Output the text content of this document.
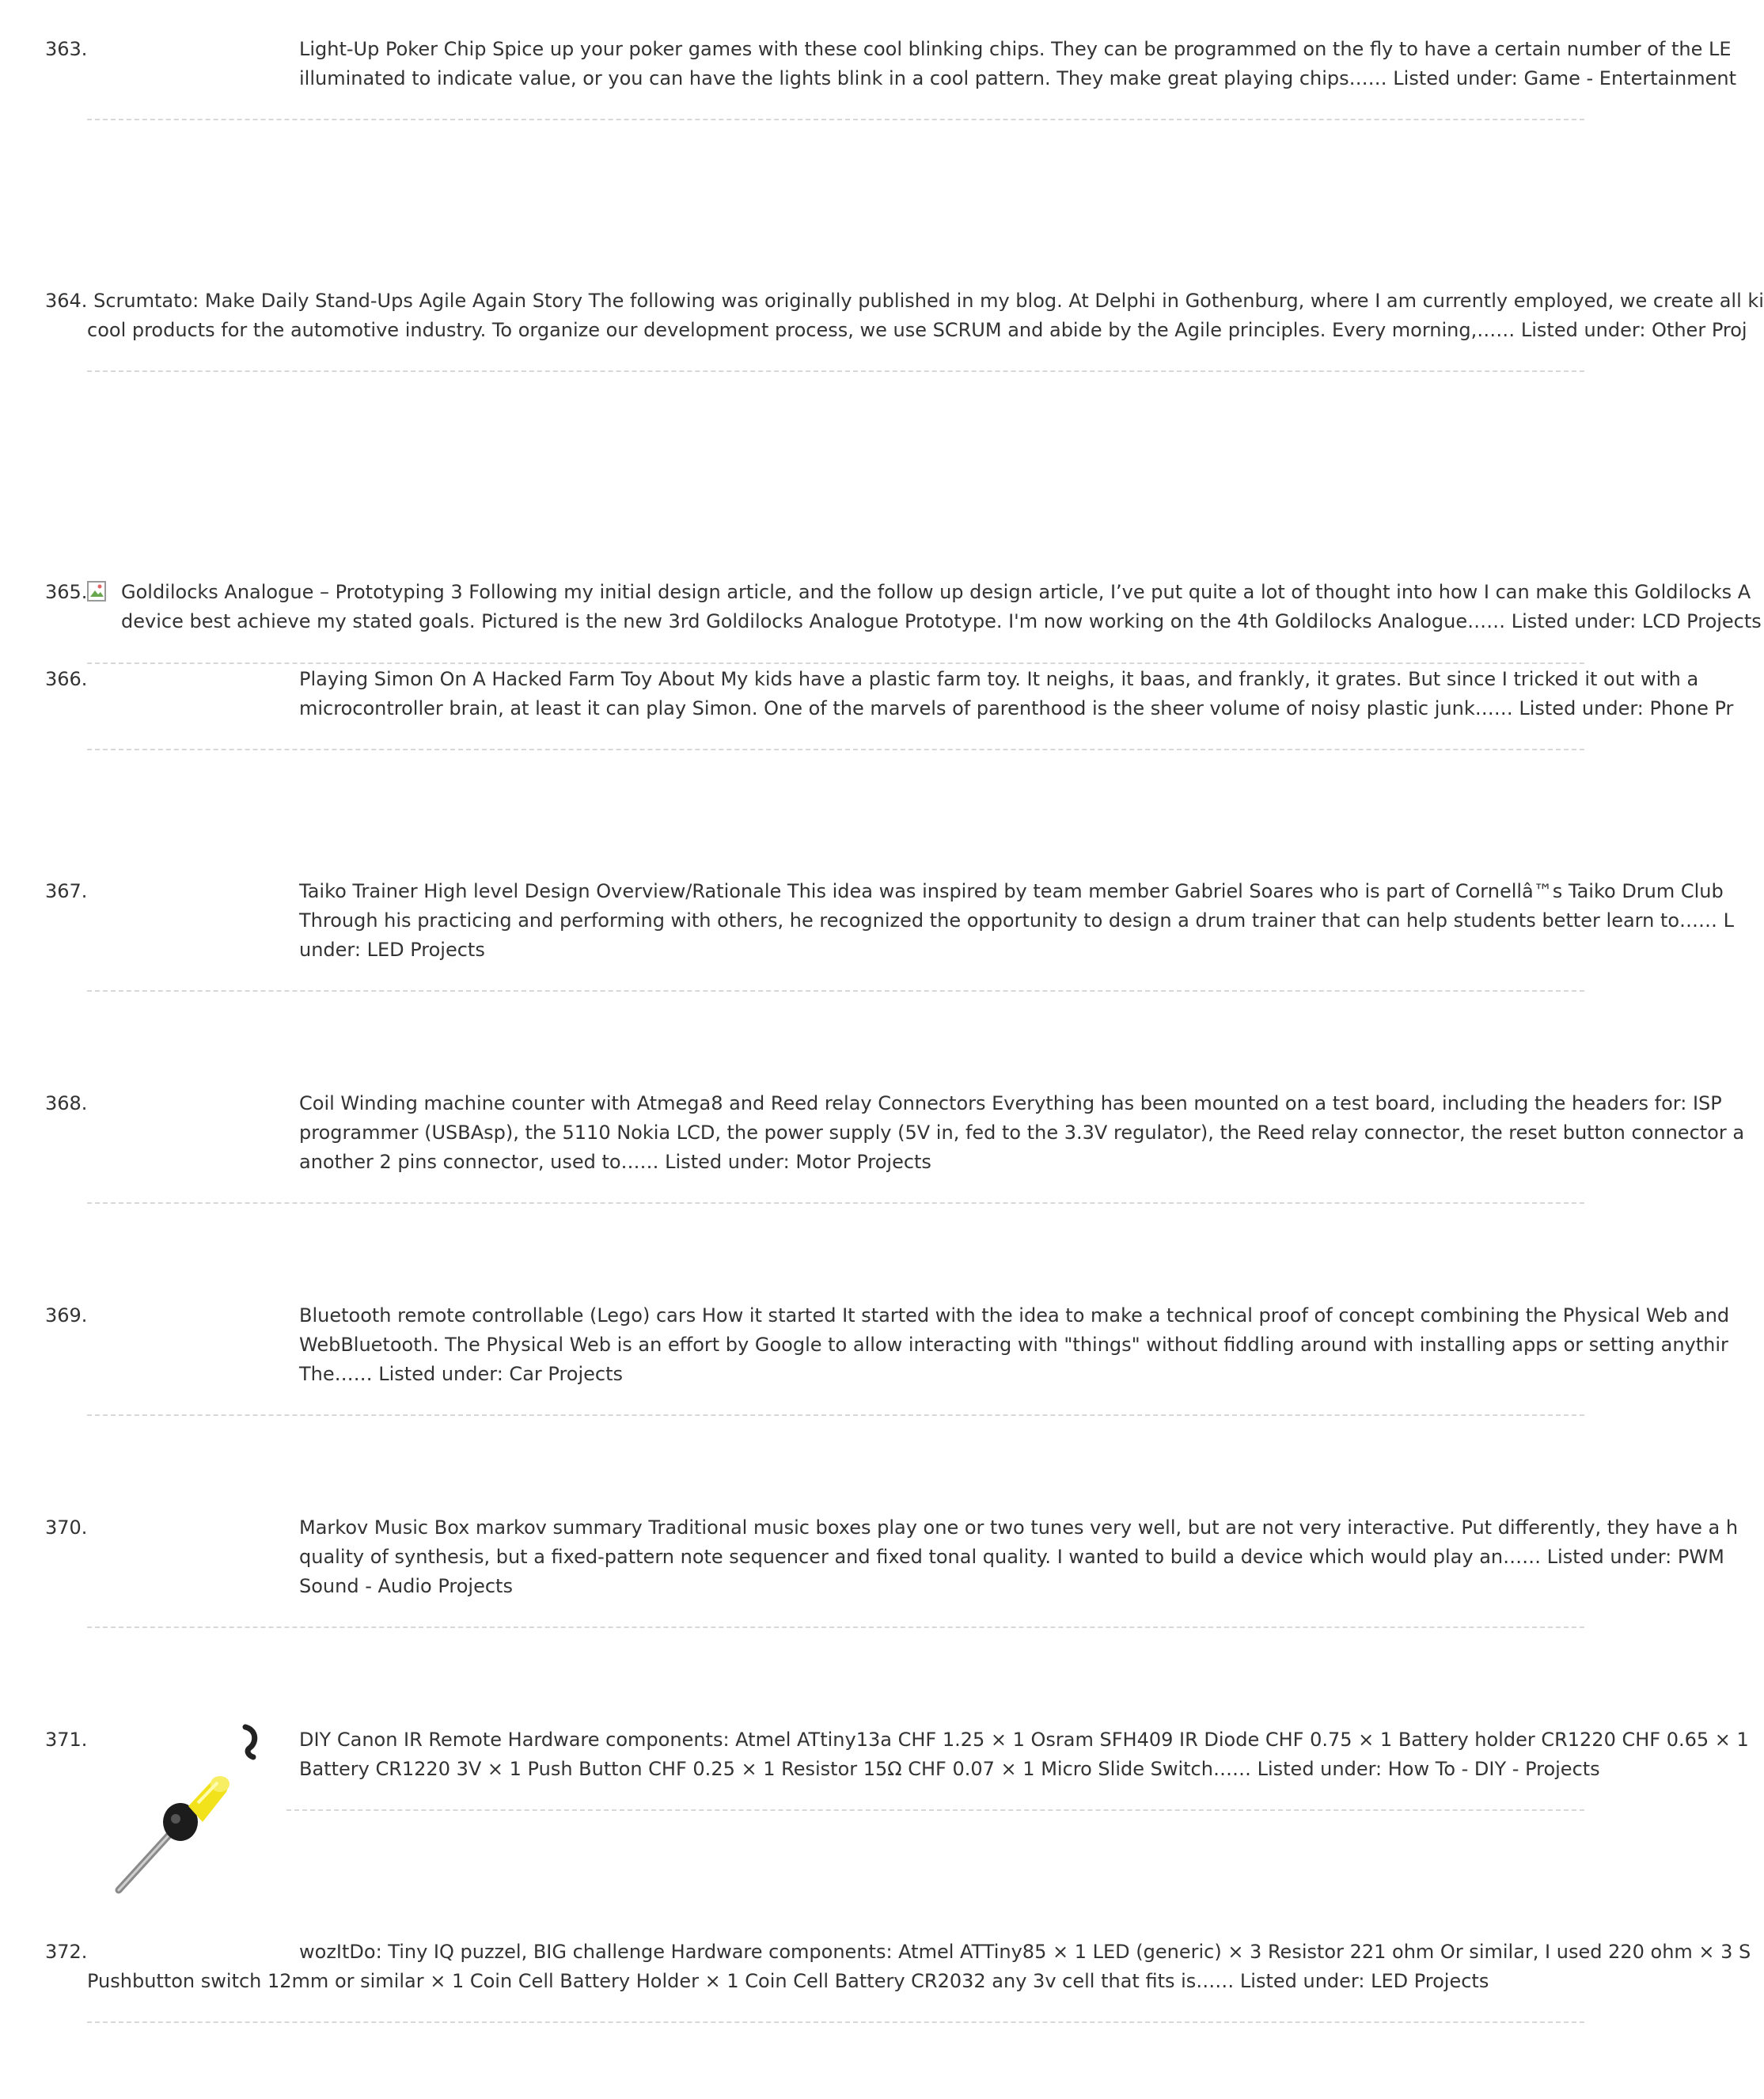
363.	Light-Up Poker Chip Spice up your poker games with these cool blinking chips. They can be programmed on the fly to have a certain number of the LE
illuminated to indicate value, or you can have the lights blink in a cool pattern. They make great playing chips…… Listed under: Game - Entertainment
364. Scrumtato: Make Daily Stand-Ups Agile Again Story The following was originally published in my blog. At Delphi in Gothenburg, where I am currently employed, we create all ki
cool products for the automotive industry. To organize our development process, we use SCRUM and abide by the Agile principles. Every morning,…… Listed under: Other Proj
365. Goldilocks Analogue – Prototyping 3 Following my initial design article, and the follow up design article, I’ve put quite a lot of thought into how I can make this Goldilocks A
device best achieve my stated goals. Pictured is the new 3rd Goldilocks Analogue Prototype. I'm now working on the 4th Goldilocks Analogue…… Listed under: LCD Projects
366.	Playing Simon On A Hacked Farm Toy About My kids have a plastic farm toy. It neighs, it baas, and frankly, it grates. But since I tricked it out with a
microcontroller brain, at least it can play Simon. One of the marvels of parenthood is the sheer volume of noisy plastic junk…… Listed under: Phone Pr
367.	Taiko Trainer High level Design Overview/Rationale This idea was inspired by team member Gabriel Soares who is part of Cornellâ™s Taiko Drum Club
Through his practicing and performing with others, he recognized the opportunity to design a drum trainer that can help students better learn to…… L
under: LED Projects
368.	Coil Winding machine counter with Atmega8 and Reed relay Connectors Everything has been mounted on a test board, including the headers for: ISP
programmer (USBAsp), the 5110 Nokia LCD, the power supply (5V in, fed to the 3.3V regulator), the Reed relay connector, the reset button connector a
another 2 pins connector, used to…… Listed under: Motor Projects
369.	Bluetooth remote controllable (Lego) cars How it started It started with the idea to make a technical proof of concept combining the Physical Web and
WebBluetooth. The Physical Web is an effort by Google to allow interacting with "things" without fiddling around with installing apps or setting anythir
The…… Listed under: Car Projects
370.	Markov Music Box markov summary Traditional music boxes play one or two tunes very well, but are not very interactive. Put differently, they have a h
quality of synthesis, but a fixed-pattern note sequencer and fixed tonal quality. I wanted to build a device which would play an…… Listed under: PWM
Sound - Audio Projects
371.	DIY Canon IR Remote Hardware components: Atmel ATtiny13a CHF 1.25 × 1 Osram SFH409 IR Diode CHF 0.75 × 1 Battery holder CR1220 CHF 0.65 × 1
Battery CR1220 3V × 1 Push Button CHF 0.25 × 1 Resistor 15Ω CHF 0.07 × 1 Micro Slide Switch…… Listed under: How To - DIY - Projects
372.	wozItDo: Tiny IQ puzzel, BIG challenge Hardware components: Atmel ATTiny85 × 1 LED (generic) × 3 Resistor 221 ohm Or similar, I used 220 ohm × 3 S
Pushbutton switch 12mm or similar × 1 Coin Cell Battery Holder × 1 Coin Cell Battery CR2032 any 3v cell that fits is…… Listed under: LED Projects
